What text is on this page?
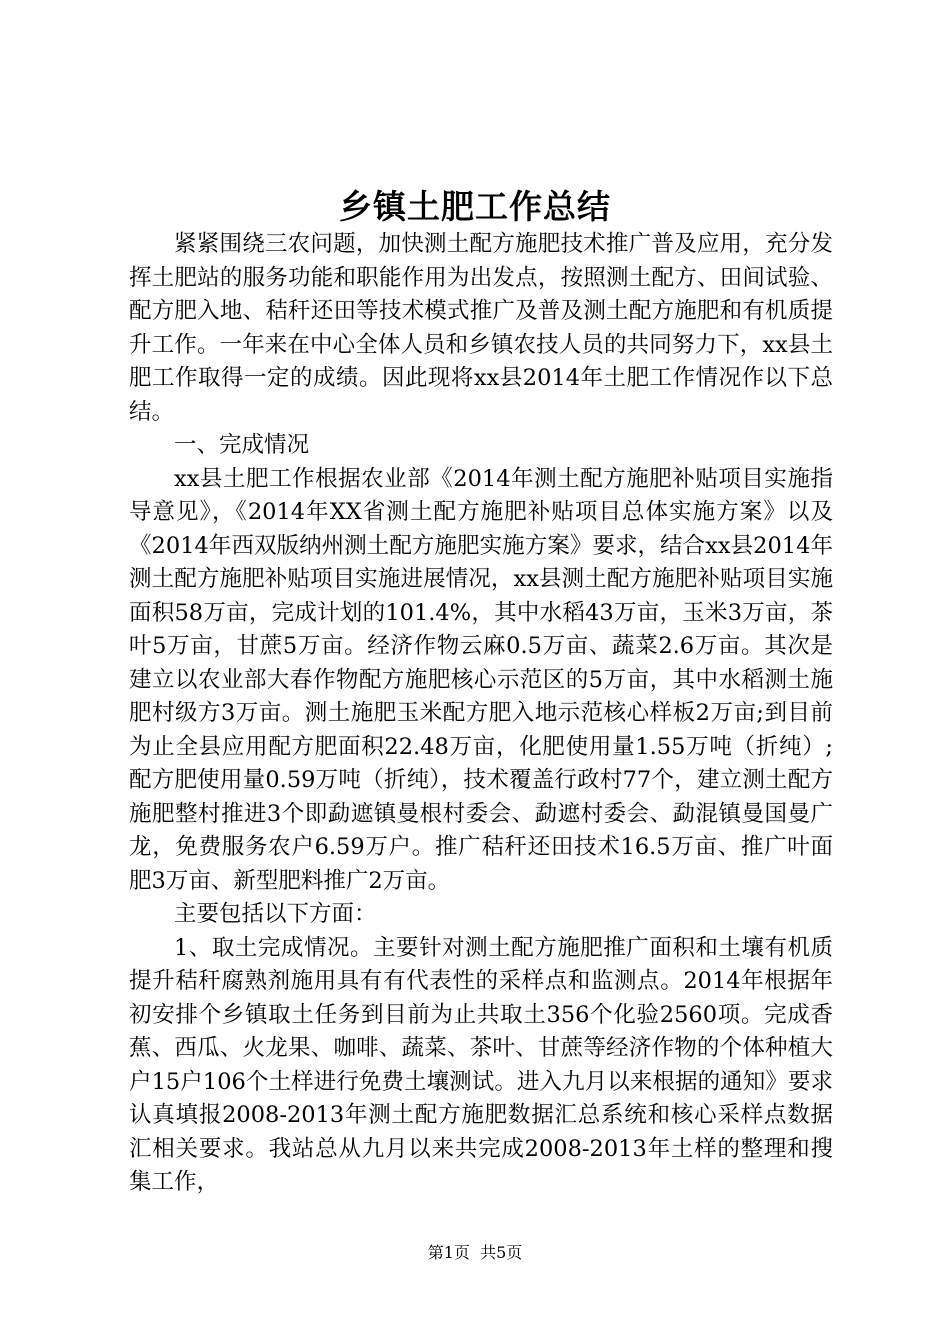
乡镇土肥工作总结

紧紧围绕三农问题，加快测土配方施肥技术推广普及应用，充分发挥土肥站的服务功能和职能作用为出发点，按照测土配方、田间试验、配方肥入地、秸秆还田等技术模式推广及普及测土配方施肥和有机质提升工作。一年来在中心全体人员和乡镇农技人员的共同努力下，xx县土肥工作取得一定的成绩。因此现将xx县2014年土肥工作情况作以下总结。

一、完成情况

xx县土肥工作根据农业部《2014年测土配方施肥补贴项目实施指导意见》，《2014年XX省测土配方施肥补贴项目总体实施方案》以及《2014年西双版纳州测土配方施肥实施方案》要求，结合xx县2014年测土配方施肥补贴项目实施进展情况，xx县测土配方施肥补贴项目实施面积58万亩，完成计划的101.4%，其中水稻43万亩，玉米3万亩，茶叶5万亩，甘蔗5万亩。经济作物云麻0.5万亩、蔬菜2.6万亩。其次是建立以农业部大春作物配方施肥核心示范区的5万亩，其中水稻测土施肥村级方3万亩。测土施肥玉米配方肥入地示范核心样板2万亩;到目前为止全县应用配方肥面积22.48万亩，化肥使用量1.55万吨（折纯）;配方肥使用量0.59万吨（折纯），技术覆盖行政村77个，建立测土配方施肥整村推进3个即勐遮镇曼根村委会、勐遮村委会、勐混镇曼国曼广龙，免费服务农户6.59万户。推广秸秆还田技术16.5万亩、推广叶面肥3万亩、新型肥料推广2万亩。

主要包括以下方面：

1、取土完成情况。主要针对测土配方施肥推广面积和土壤有机质提升秸秆腐熟剂施用具有有代表性的采样点和监测点。2014年根据年初安排个乡镇取土任务到目前为止共取土356个化验2560项。完成香蕉、西瓜、火龙果、咖啡、蔬菜、茶叶、甘蔗等经济作物的个体种植大户15户106个土样进行免费土壤测试。进入九月以来根据的通知》要求认真填报2008-2013年测土配方施肥数据汇总系统和核心采样点数据汇相关要求。我站总从九月以来共完成2008-2013年土样的整理和搜集工作，

第1页 共5页
